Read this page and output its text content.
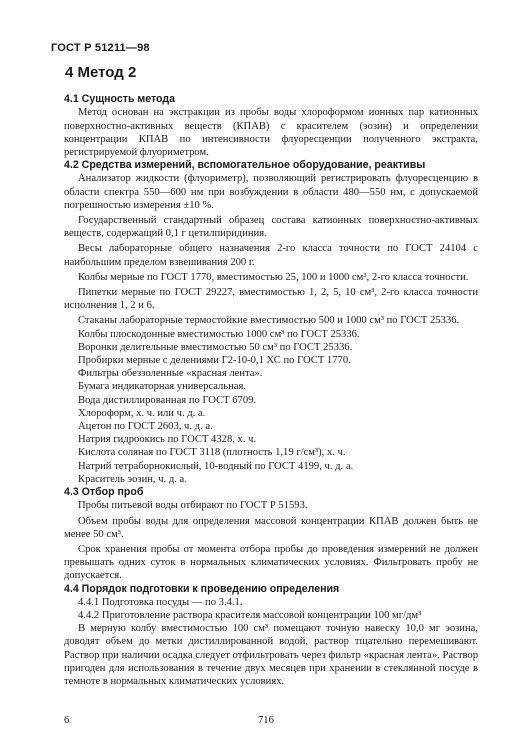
ГОСТ Р 51211—98
4 Метод 2
4.1 Сущность метода

Метод основан на экстракции из пробы воды хлороформом ионных пар катионных поверхностно-активных веществ (КПАВ) с красителем (эозин) и определении концентрации КПАВ по интенсивности флуоресценции полученного экстракта, регистрируемой флуориметром.

4.2 Средства измерений, вспомогательное оборудование, реактивы

Анализатор жидкости (флуориметр), позволяющий регистрировать флуоресценцию в области спектра 550—600 нм при возбуждении в области 480—550 нм, с допускаемой погрешностью измерения ±10 %.

Государственный стандартный образец состава катионных поверхностно-активных веществ, содержащий 0,1 г цетилпиридиния.

Весы лабораторные общего назначения 2-го класса точности по ГОСТ 24104 с наибольшим пределом взвешивания 200 г.

Колбы мерные по ГОСТ 1770, вместимостью 25, 100 и 1000 см³, 2-го класса точности.

Пипетки мерные по ГОСТ 29227, вместимостью 1, 2, 5, 10 см³, 2-го класса точности исполнения 1, 2 и 6.

Стаканы лабораторные термостойкие вместимостью 500 и 1000 см³ по ГОСТ 25336.

Колбы плоскодонные вместимостью 1000 см³ по ГОСТ 25336.

Воронки делительные вместимостью 50 см³ по ГОСТ 25336.

Пробирки мерные с делениями Г2-10-0,1 ХС по ГОСТ 1770.

Фильтры обеззоленные «красная лента».

Бумага индикаторная универсальная.

Вода дистиллированная по ГОСТ 6709.

Хлороформ, х. ч. или ч. д. а.

Ацетон по ГОСТ 2603, ч. д. а.

Натрия гидроокись по ГОСТ 4328, х. ч.

Кислота соляная по ГОСТ 3118 (плотность 1,19 г/см³), х. ч.

Натрий тетраборнокислый, 10-водный по ГОСТ 4199, ч. д. а.

Краситель эозин, ч. д. а.

4.3 Отбор проб

Пробы питьевой воды отбирают по ГОСТ Р 51593.

Объем пробы воды для определения массовой концентрации КПАВ должен быть не менее 50 см³.

Срок хранения пробы от момента отбора пробы до проведения измерений не должен превышать одних суток в нормальных климатических условиях. Фильтровать пробу не допускается.

4.4 Порядок подготовки к проведению определения

4.4.1 Подготовка посуды — по 3.4.1.

4.4.2 Приготовление раствора красителя массовой концентрации 100 мг/дм³

В мерную колбу вместимостью 100 см³ помещают точную навеску 10,0 мг эозина, доводят объем до метки дистиллированной водой, раствор тщательно перемешивают. Раствор при наличии осадка следует отфильтровать через фильтр «красная лента». Раствор пригоден для использования в течение двух месяцев при хранении в стеклянной посуде в темноте в нормальных климатических условиях.

6	716
